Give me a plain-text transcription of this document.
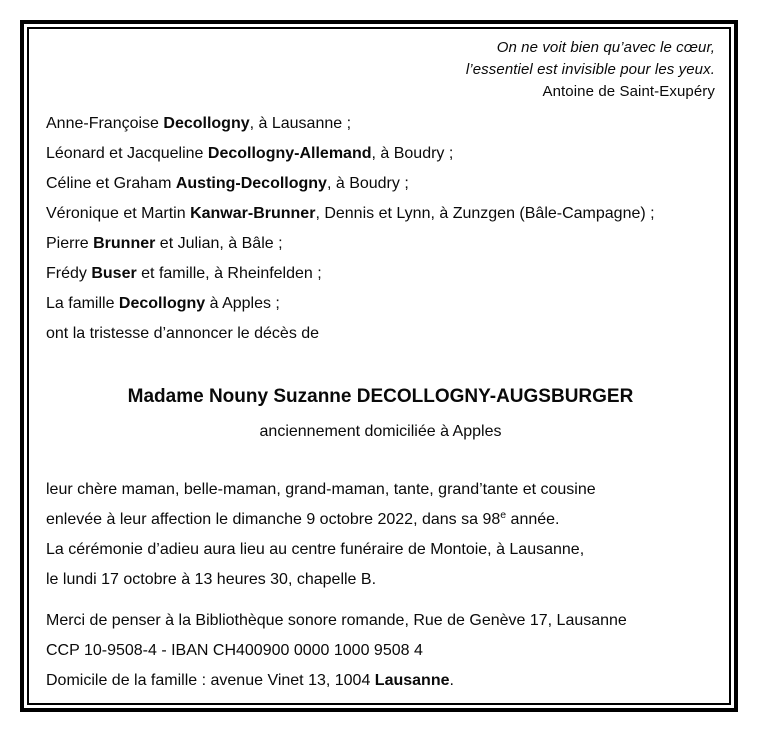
On ne voit bien qu’avec le cœur,
l’essentiel est invisible pour les yeux.
Antoine de Saint-Exupéry
Anne-Françoise Decollogny, à Lausanne ;
Léonard et Jacqueline Decollogny-Allemand, à Boudry ;
Céline et Graham Austing-Decollogny, à Boudry ;
Véronique et Martin Kanwar-Brunner, Dennis et Lynn, à Zunzgen (Bâle-Campagne) ;
Pierre Brunner et Julian, à Bâle ;
Frédy Buser et famille, à Rheinfelden ;
La famille Decollogny à Apples ;
ont la tristesse d’annoncer le décès de
Madame Nouny Suzanne DECOLLOGNY-AUGSBURGER
anciennement domiciliée à Apples
leur chère maman, belle-maman, grand-maman, tante, grand’tante et cousine
enlevée à leur affection le dimanche 9 octobre 2022, dans sa 98e année.
La cérémonie d’adieu aura lieu au centre funéraire de Montoie, à Lausanne,
le lundi 17 octobre à 13 heures 30, chapelle B.
Merci de penser à la Bibliothèque sonore romande, Rue de Genève 17, Lausanne
CCP 10-9508-4 - IBAN CH400900 0000 1000 9508 4
Domicile de la famille : avenue Vinet 13, 1004 Lausanne.
